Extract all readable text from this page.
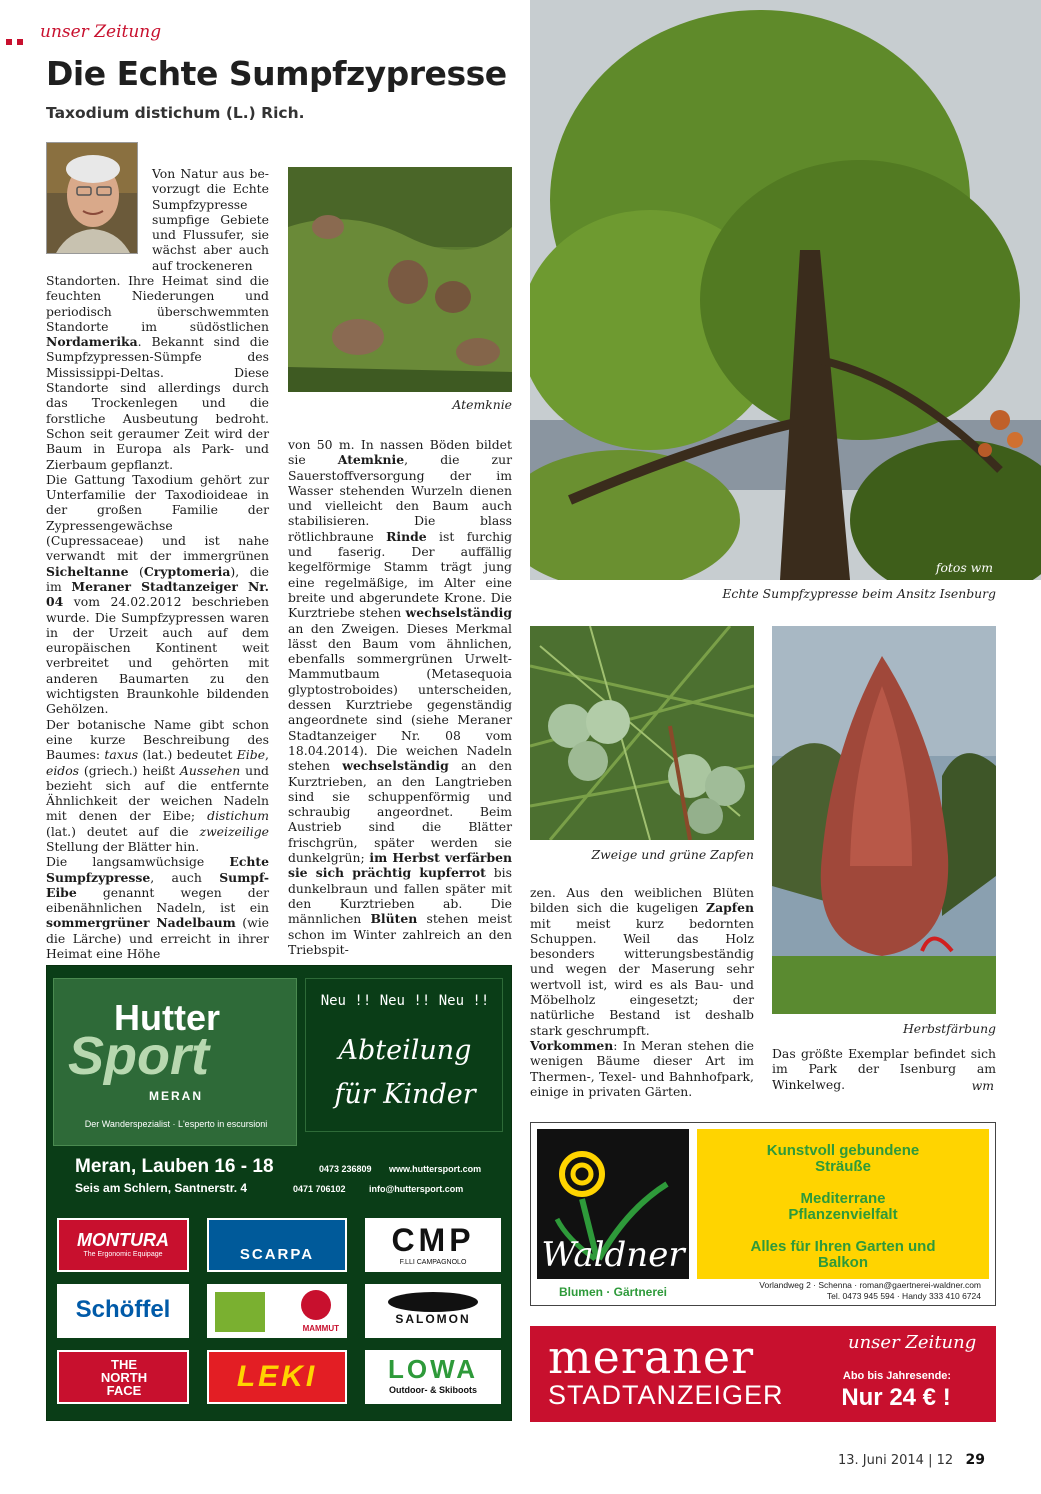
unser Zeitung
Die Echte Sumpfzypresse
Taxodium distichum (L.) Rich.
Von Natur aus be-vorzugt die Echte Sumpfzypresse sumpfige Gebiete und Flussufer, sie wächst aber auch auf trockeneren
Standorten. Ihre Heimat sind die feuchten Niederungen und periodisch überschwemmten Standorte im südöstlichen Nordamerika. Bekannt sind die Sumpfzypressen-Sümpfe des Mississippi-Deltas. Diese Standorte sind allerdings durch das Trockenlegen und die forstliche Ausbeutung bedroht. Schon seit geraumer Zeit wird der Baum in Europa als Park- und Zierbaum gepflanzt.
Die Gattung Taxodium gehört zur Unterfamilie der Taxodioideae in der großen Familie der Zypressengewächse (Cupressaceae) und ist nahe verwandt mit der immergrünen Sicheltanne (Cryptomeria), die im Meraner Stadtanzeiger Nr. 04 vom 24.02.2012 beschrieben wurde. Die Sumpfzypressen waren in der Urzeit auch auf dem europäischen Kontinent weit verbreitet und gehörten mit anderen Baumarten zu den wichtigsten Braunkohle bildenden Gehölzen.
Der botanische Name gibt schon eine kurze Beschreibung des Baumes: taxus (lat.) bedeutet Eibe, eidos (griech.) heißt Aussehen und bezieht sich auf die entfernte Ähnlichkeit der weichen Nadeln mit denen der Eibe; distichum (lat.) deutet auf die zweizeilige Stellung der Blätter hin.
Die langsamwüchsige Echte Sumpfzypresse, auch Sumpf-Eibe genannt wegen der eibenähnlichen Nadeln, ist ein sommergrüner Nadelbaum (wie die Lärche) und erreicht in ihrer Heimat eine Höhe
Atemknie
von 50 m. In nassen Böden bildet sie Atemknie, die zur Sauerstoffversorgung der im Wasser stehenden Wurzeln dienen und vielleicht den Baum auch stabilisieren. Die blass rötlichbraune Rinde ist furchig und faserig. Der auffällig kegelförmige Stamm trägt jung eine regelmäßige, im Alter eine breite und abgerundete Krone. Die Kurztriebe stehen wechselständig an den Zweigen. Dieses Merkmal lässt den Baum vom ähnlichen, ebenfalls sommergrünen Urwelt-Mammutbaum (Metasequoia glyptostroboides) unterscheiden, dessen Kurztriebe gegenständig angeordnete sind (siehe Meraner Stadtanzeiger Nr. 08 vom 18.04.2014). Die weichen Nadeln stehen wechselständig an den Kurztrieben, an den Langtrieben sind sie schuppenförmig und schraubig angeordnet. Beim Austrieb sind die Blätter frischgrün, später werden sie dunkelgrün; im Herbst verfärben sie sich prächtig kupferrot bis dunkelbraun und fallen später mit den Kurztrieben ab. Die männlichen Blüten stehen meist schon im Winter zahlreich an den Triebspit-
fotos wm
Echte Sumpfzypresse beim Ansitz Isenburg
Zweige und grüne Zapfen
Herbstfärbung
zen. Aus den weiblichen Blüten bilden sich die kugeligen Zapfen mit meist kurz bedornten Schuppen. Weil das Holz besonders witterungsbeständig und wegen der Maserung sehr wertvoll ist, wird es als Bau- und Möbelholz eingesetzt; der natürliche Bestand ist deshalb stark geschrumpft.
Vorkommen: In Meran stehen die wenigen Bäume dieser Art im Thermen-, Texel- und Bahnhofpark, einige in privaten Gärten.
Das größte Exemplar befindet sich im Park der Isenburg am Winkelweg.	wm
Hutter
Sport
MERAN
Der Wanderspezialist · L'esperto in escursioni
Neu !! Neu !! Neu !!
Abteilung
für Kinder
Meran, Lauben 16 - 18	0473 236809 www.huttersport.com
Seis am Schlern, Santnerstr. 4	0471 706102	info@huttersport.com
MONTURA
The Ergonomic Equipage	SCARPA	CMP
F.LLI CAMPAGNOLO
Schöffel
MAMMUT
SALOMON
THE NORTH FACE	LEKI	LOWA
Outdoor- & Skiboots
Waldner
Blumen · Gärtnerei
Kunstvoll gebundene Sträuße
Mediterrane Pflanzenvielfalt
Alles für Ihren Garten und Balkon
Vorlandweg 2 · Schenna · roman@gaertnerei-waldner.com
Tel. 0473 945 594 · Handy 333 410 6724
meraner
STADTANZEIGER
unser Zeitung
Abo bis Jahresende:
Nur 24 € !
13. Juni 2014 | 12 29
